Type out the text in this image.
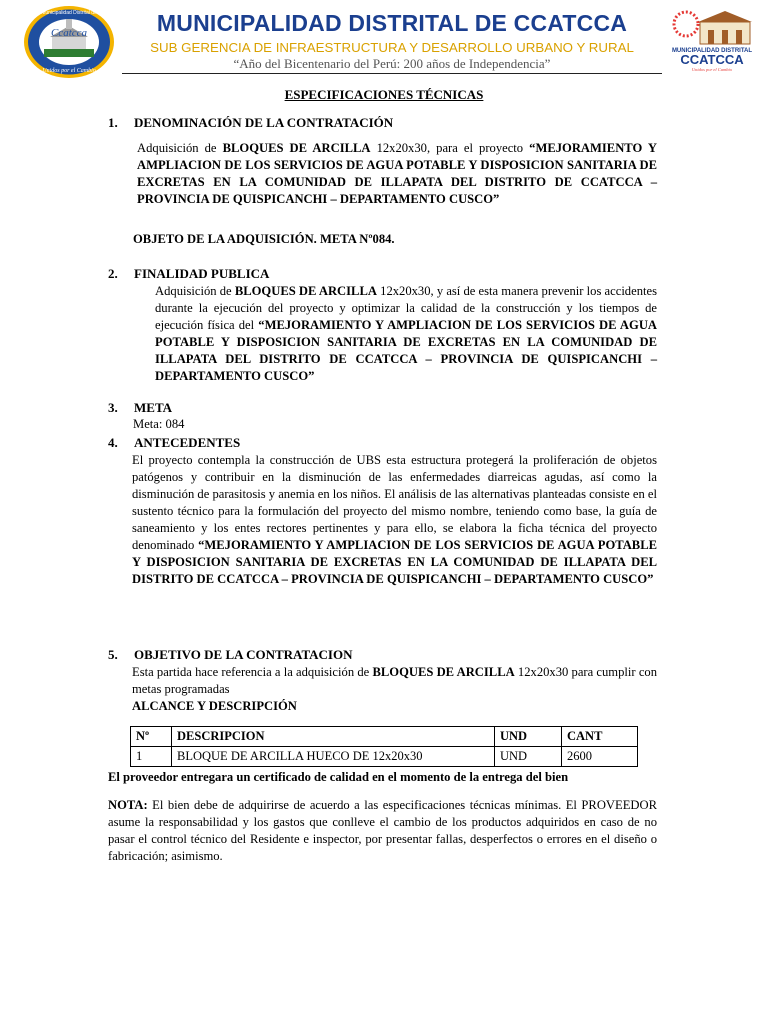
Ccatcca
Municipalidad Distrital de
Unidos por el Cambio
MUNICIPALIDAD DISTRITAL DE CCATCCA
SUB GERENCIA DE INFRAESTRUCTURA Y DESARROLLO URBANO Y RURAL
“Año del Bicentenario del Perú: 200 años de Independencia”
MUNICIPALIDAD DISTRITAL
CCATCCA
Unidos por el Cambio
ESPECIFICACIONES TÉCNICAS
1. DENOMINACIÓN DE LA CONTRATACIÓN
Adquisición de BLOQUES DE ARCILLA 12x20x30, para el proyecto “MEJORAMIENTO Y AMPLIACION DE LOS SERVICIOS DE AGUA POTABLE Y DISPOSICION SANITARIA DE EXCRETAS EN LA COMUNIDAD DE ILLAPATA DEL DISTRITO DE CCATCCA – PROVINCIA DE QUISPICANCHI – DEPARTAMENTO CUSCO”
OBJETO DE LA ADQUISICIÓN. META Nº084.
2. FINALIDAD PUBLICA
Adquisición de BLOQUES DE ARCILLA 12x20x30, y así de esta manera prevenir los accidentes durante la ejecución del proyecto y optimizar la calidad de la construcción y los tiempos de ejecución física del “MEJORAMIENTO Y AMPLIACION DE LOS SERVICIOS DE AGUA POTABLE Y DISPOSICION SANITARIA DE EXCRETAS EN LA COMUNIDAD DE ILLAPATA DEL DISTRITO DE CCATCCA – PROVINCIA DE QUISPICANCHI – DEPARTAMENTO CUSCO”
3. META
Meta: 084
4. ANTECEDENTES
El proyecto contempla la construcción de UBS esta estructura protegerá la proliferación de objetos patógenos y contribuir en la disminución de las enfermedades diarreicas agudas, así como la disminución de parasitosis y anemia en los niños. El análisis de las alternativas planteadas consiste en el sustento técnico para la formulación del proyecto del mismo nombre, teniendo como base, la guía de saneamiento y los entes rectores pertinentes y para ello, se elabora la ficha técnica del proyecto denominado “MEJORAMIENTO Y AMPLIACION DE LOS SERVICIOS DE AGUA POTABLE Y DISPOSICION SANITARIA DE EXCRETAS EN LA COMUNIDAD DE ILLAPATA DEL DISTRITO DE CCATCCA – PROVINCIA DE QUISPICANCHI – DEPARTAMENTO CUSCO”
5. OBJETIVO DE LA CONTRATACION
Esta partida hace referencia a la adquisición de BLOQUES DE ARCILLA 12x20x30 para cumplir con metas programadas
ALCANCE Y DESCRIPCIÓN
Nº	DESCRIPCION	UND	CANT
1	BLOQUE DE ARCILLA HUECO DE 12x20x30	UND	2600
El proveedor entregara un certificado de calidad en el momento de la entrega del bien
NOTA: El bien debe de adquirirse de acuerdo a las especificaciones técnicas mínimas. El PROVEEDOR asume la responsabilidad y los gastos que conlleve el cambio de los productos adquiridos en caso de no pasar el control técnico del Residente e inspector, por presentar fallas, desperfectos o errores en el diseño o fabricación; asimismo.
